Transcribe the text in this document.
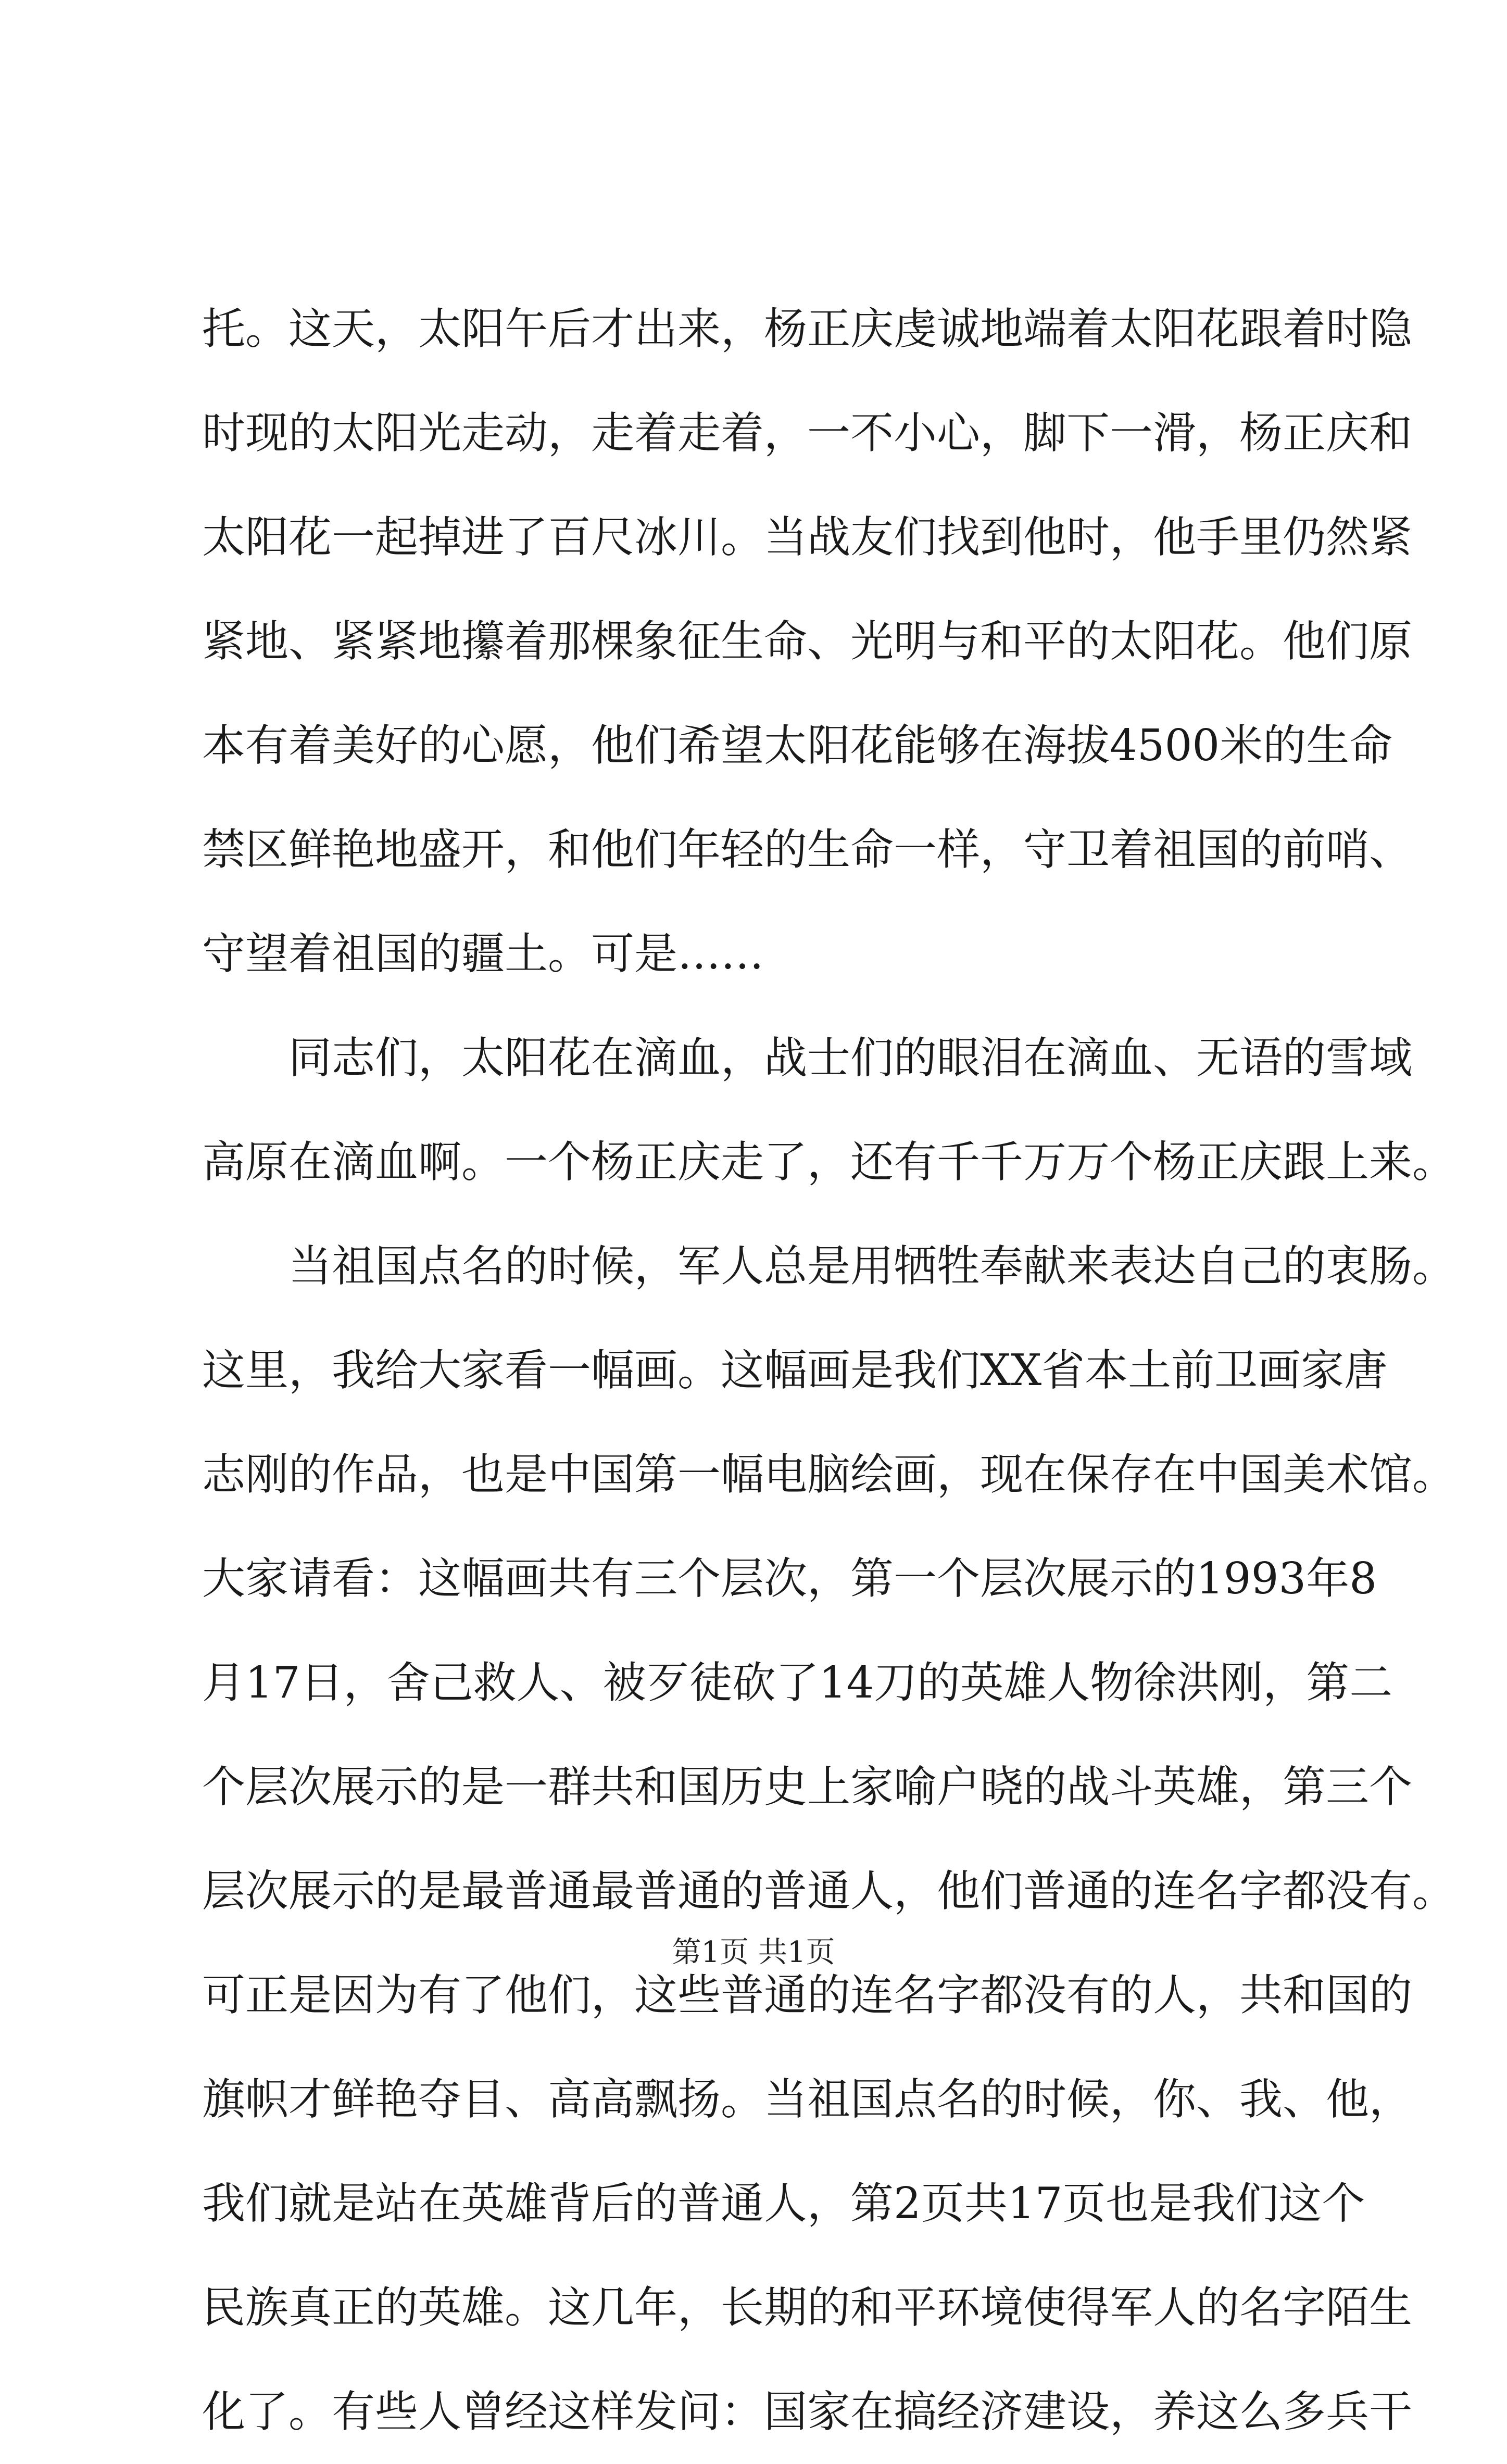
托。这天，太阳午后才出来，杨正庆虔诚地端着太阳花跟着时隐
时现的太阳光走动，走着走着，一不小心，脚下一滑，杨正庆和
太阳花一起掉进了百尺冰川。当战友们找到他时，他手里仍然紧
紧地、紧紧地攥着那棵象征生命、光明与和平的太阳花。他们原
本有着美好的心愿，他们希望太阳花能够在海拔4500米的生命
禁区鲜艳地盛开，和他们年轻的生命一样，守卫着祖国的前哨、
守望着祖国的疆土。可是……
　　同志们，太阳花在滴血，战士们的眼泪在滴血、无语的雪域
高原在滴血啊。一个杨正庆走了，还有千千万万个杨正庆跟上来。
　　当祖国点名的时候，军人总是用牺牲奉献来表达自己的衷肠。
这里，我给大家看一幅画。这幅画是我们XX省本土前卫画家唐
志刚的作品，也是中国第一幅电脑绘画，现在保存在中国美术馆。
大家请看：这幅画共有三个层次，第一个层次展示的1993年8
月17日，舍己救人、被歹徒砍了14刀的英雄人物徐洪刚，第二
个层次展示的是一群共和国历史上家喻户晓的战斗英雄，第三个
层次展示的是最普通最普通的普通人，他们普通的连名字都没有。
可正是因为有了他们，这些普通的连名字都没有的人，共和国的
旗帜才鲜艳夺目、高高飘扬。当祖国点名的时候，你、我、他，
我们就是站在英雄背后的普通人，第2页共17页也是我们这个
民族真正的英雄。这几年，长期的和平环境使得军人的名字陌生
化了。有些人曾经这样发问：国家在搞经济建设，养这么多兵干
第1页 共1页
